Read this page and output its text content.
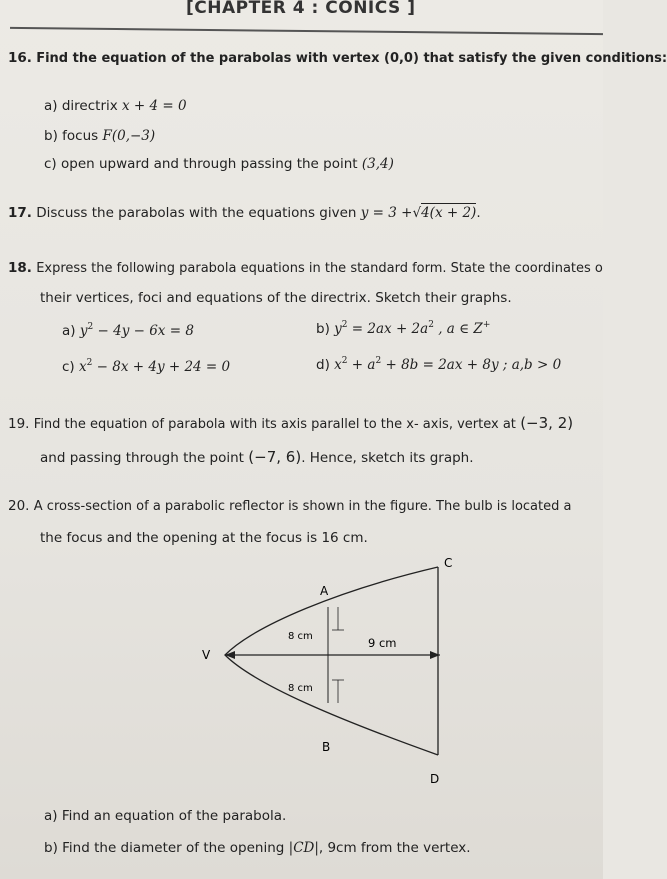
[CHAPTER 4 : CONICS ]
16. Find the equation of the parabolas with vertex (0,0) that satisfy the given conditions:
a) directrix x + 4 = 0
b) focus F(0,−3)
c) open upward and through passing the point (3,4)
17. Discuss the parabolas with the equations given y = 3 +√4(x + 2).
18. Express the following parabola equations in the standard form. State the coordinates o
their vertices, foci and equations of the directrix. Sketch their graphs.
a) $y^2 - 4y - 6x = 8$	b) $y^2 = 2ax + 2a^2$ , a ∈ Z+
c) $x^2 - 8x + 4y + 24 = 0$	d) $x^2 + a^2 + 8b = 2ax + 8y$ ; a,b > 0
19. Find the equation of parabola with its axis parallel to the x- axis, vertex at (−3, 2)
and passing through the point (−7, 6). Hence, sketch its graph.
20. A cross-section of a parabolic reflector is shown in the figure. The bulb is located a
the focus and the opening at the focus is 16 cm.
C
A
8 cm	9 cm
V
8 cm
B
D
a) Find an equation of the parabola.
b) Find the diameter of the opening |CD|, 9cm from the vertex.
